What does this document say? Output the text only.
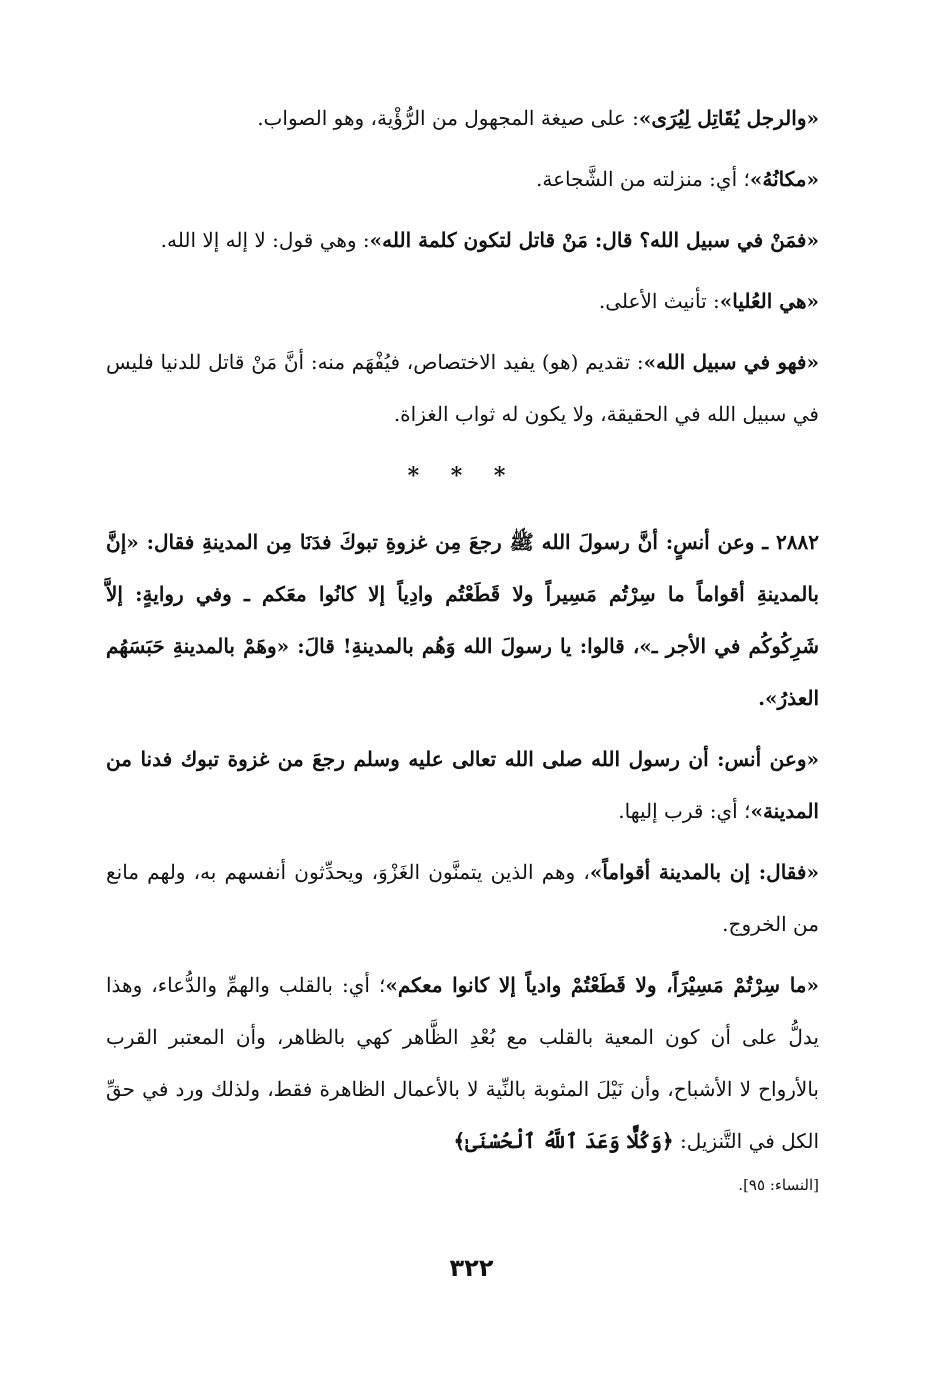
«والرجل يُقَاتِل لِيُرَى»: على صيغة المجهول من الرُّؤْية، وهو الصواب.

«مكانُهُ»؛ أي: منزلته من الشَّجاعة.

«فمَنْ في سبيل الله؟ قال: مَنْ قاتل لتكون كلمة الله»: وهي قول: لا إله إلا الله.

«هي العُليا»: تأنيث الأعلى.

«فهو في سبيل الله»: تقديم (هو) يفيد الاختصاص، فيُفْهَم منه: أنَّ مَنْ قاتل للدنيا فليس في سبيل الله في الحقيقة، ولا يكون له ثواب الغزاة.

* * *

٢٨٨٢ ـ وعن أنسٍ: أنَّ رسولَ الله ﷺ رجعَ مِن غزوةِ تبوكَ فدَنَا مِن المدينةِ فقال: «إنَّ بالمدينةِ أقواماً ما سِرْتُم مَسِيراً ولا قَطَعْتُم وادِياً إلا كانُوا معَكم ـ وفي روايةٍ: إلاَّ شَرِكُوكُم في الأجر ـ»، قالوا: يا رسولَ الله وَهُم بالمدينةِ! قالَ: «وهَمْ بالمدينةِ حَبَسَهُم العذرُ».

«وعن أنس: أن رسول الله صلى الله تعالى عليه وسلم رجعَ من غزوة تبوك فدنا من المدينة»؛ أي: قرب إليها.

«فقال: إن بالمدينة أقواماً»، وهم الذين يتمنَّون الغَزْوَ، ويحدِّثون أنفسهم به، ولهم مانع من الخروج.

«ما سِرْتُمْ مَسِيْرَاً، ولا قَطَعْتُمْ وادياً إلا كانوا معكم»؛ أي: بالقلب والهمِّ والدُّعاء، وهذا يدلُّ على أن كون المعية بالقلب مع بُعْدِ الظَّاهر كهي بالظاهر، وأن المعتبر القرب بالأرواح لا الأشباح، وأن نَيْلَ المثوبة بالنِّية لا بالأعمال الظاهرة فقط، ولذلك ورد في حقِّ الكل في التَّنزيل: ﴿وَكُلًّا وَعَدَ ٱللَّهُ ٱلْحُسْنَىٰ﴾

[النساء: ٩٥].
٣٢٢
